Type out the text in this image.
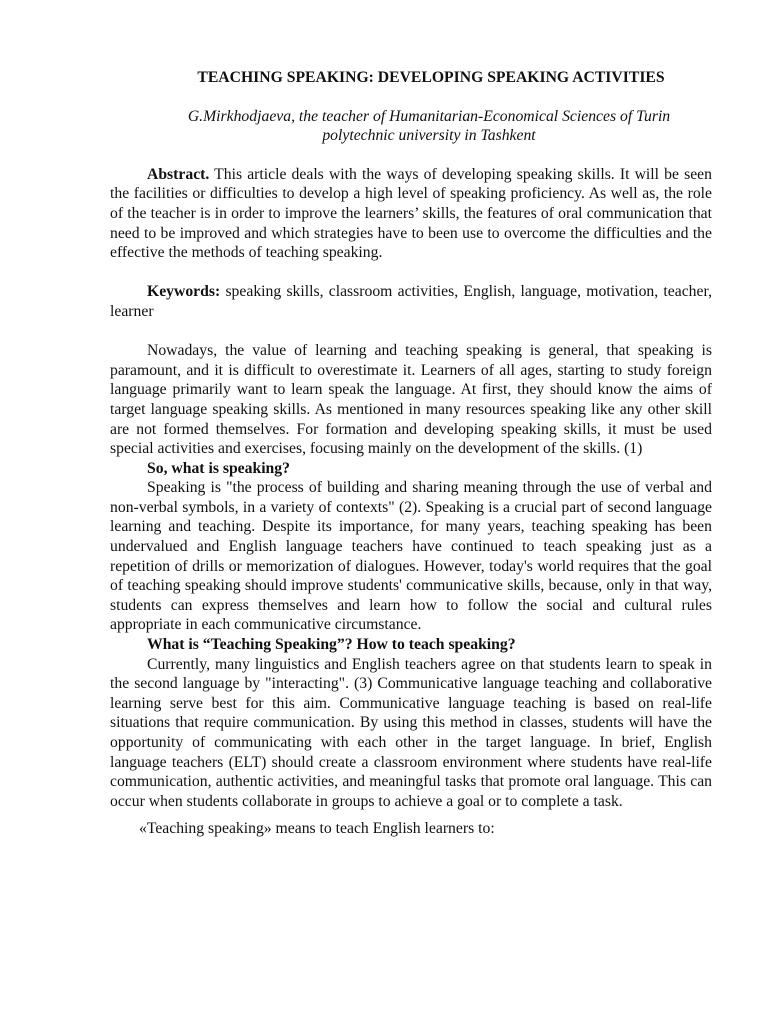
TEACHING SPEAKING: DEVELOPING SPEAKING ACTIVITIES
G.Mirkhodjaeva, the teacher of Humanitarian-Economical Sciences of Turin
polytechnic university in Tashkent

Abstract. This article deals with the ways of developing speaking skills. It will be seen the facilities or difficulties to develop a high level of speaking proficiency. As well as, the role of the teacher is in order to improve the learners’ skills, the features of oral communication that need to be improved and which strategies have to been use to overcome the difficulties and the effective the methods of teaching speaking.

Keywords: speaking skills, classroom activities, English, language, motivation, teacher, learner

Nowadays, the value of learning and teaching speaking is general, that speaking is paramount, and it is difficult to overestimate it. Learners of all ages, starting to study foreign language primarily want to learn speak the language. At first, they should know the aims of target language speaking skills. As mentioned in many resources speaking like any other skill are not formed themselves. For formation and developing speaking skills, it must be used special activities and exercises, focusing mainly on the development of the skills. (1)

So, what is speaking?

Speaking is "the process of building and sharing meaning through the use of verbal and non-verbal symbols, in a variety of contexts" (2). Speaking is a crucial part of second language learning and teaching. Despite its importance, for many years, teaching speaking has been undervalued and English language teachers have continued to teach speaking just as a repetition of drills or memorization of dialogues. However, today's world requires that the goal of teaching speaking should improve students' communicative skills, because, only in that way, students can express themselves and learn how to follow the social and cultural rules appropriate in each communicative circumstance.

What is “Teaching Speaking”? How to teach speaking?

Currently, many linguistics and English teachers agree on that students learn to speak in the second language by "interacting". (3) Communicative language teaching and collaborative learning serve best for this aim. Communicative language teaching is based on real-life situations that require communication. By using this method in classes, students will have the opportunity of communicating with each other in the target language. In brief, English language teachers (ELT) should create a classroom environment where students have real-life communication, authentic activities, and meaningful tasks that promote oral language. This can occur when students collaborate in groups to achieve a goal or to complete a task.

«Teaching speaking» means to teach English learners to:
